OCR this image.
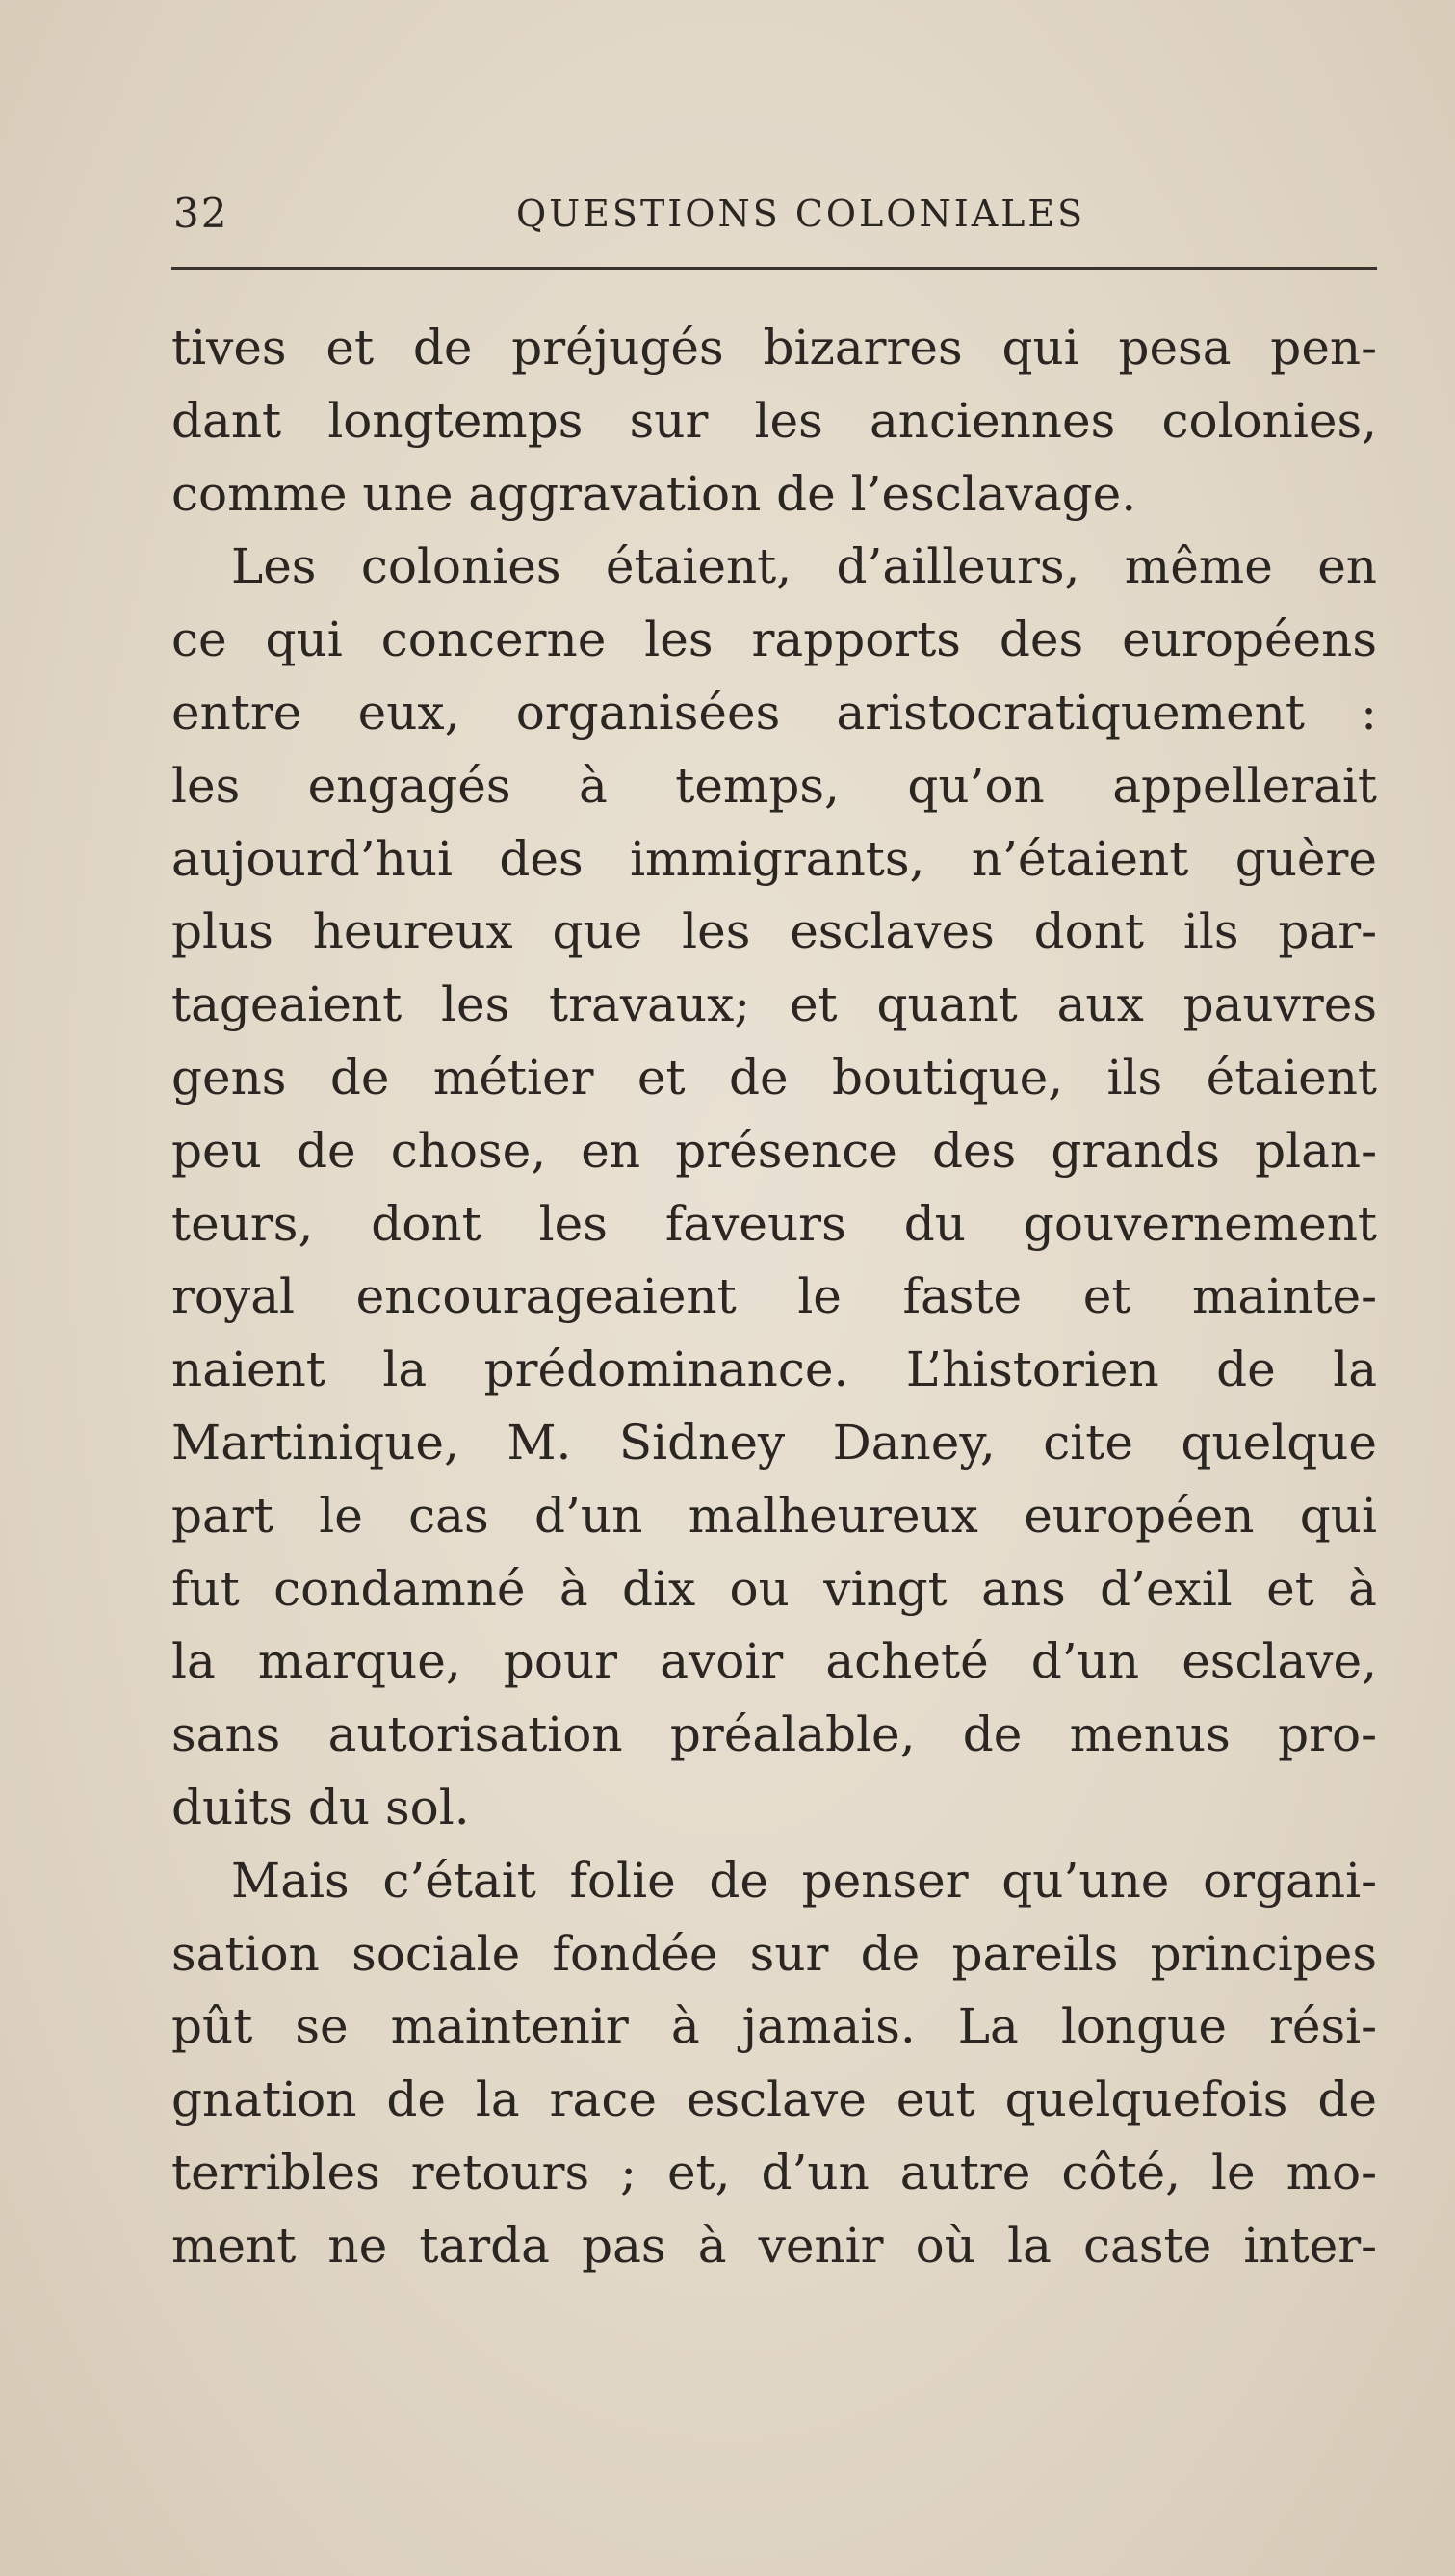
32	QUESTIONS COLONIALES
tives et de préjugés bizarres qui pesa pen-
dant longtemps sur les anciennes colonies,
comme une aggravation de l’esclavage.
Les colonies étaient, d’ailleurs, même en
ce qui concerne les rapports des européens
entre eux, organisées aristocratiquement :
les engagés à temps, qu’on appellerait
aujourd’hui des immigrants, n’étaient guère
plus heureux que les esclaves dont ils par-
tageaient les travaux; et quant aux pauvres
gens de métier et de boutique, ils étaient
peu de chose, en présence des grands plan-
teurs, dont les faveurs du gouvernement
royal encourageaient le faste et mainte-
naient la prédominance. L’historien de la
Martinique, M. Sidney Daney, cite quelque
part le cas d’un malheureux européen qui
fut condamné à dix ou vingt ans d’exil et à
la marque, pour avoir acheté d’un esclave,
sans autorisation préalable, de menus pro-
duits du sol.
Mais c’était folie de penser qu’une organi-
sation sociale fondée sur de pareils principes
pût se maintenir à jamais. La longue rési-
gnation de la race esclave eut quelquefois de
terribles retours ; et, d’un autre côté, le mo-
ment ne tarda pas à venir où la caste inter-
